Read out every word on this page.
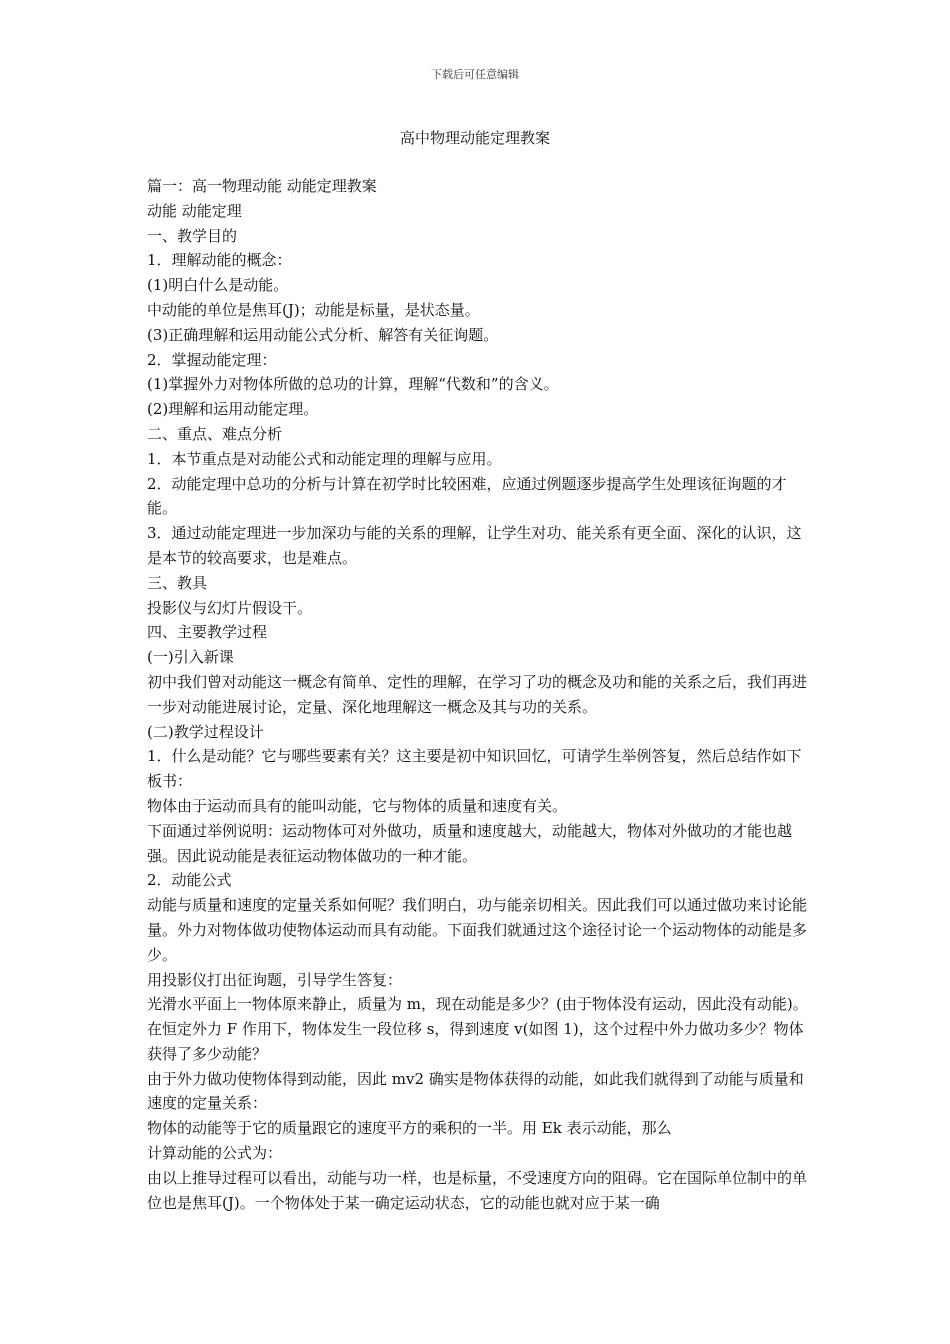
下载后可任意编辑
高中物理动能定理教案

篇一：高一物理动能 动能定理教案

动能 动能定理

一、教学目的

1．理解动能的概念：

(1)明白什么是动能。

中动能的单位是焦耳(J)；动能是标量，是状态量。

(3)正确理解和运用动能公式分析、解答有关征询题。

2．掌握动能定理：

(1)掌握外力对物体所做的总功的计算，理解“代数和”的含义。

(2)理解和运用动能定理。

二、重点、难点分析

1．本节重点是对动能公式和动能定理的理解与应用。

2．动能定理中总功的分析与计算在初学时比较困难，应通过例题逐步提高学生处理该征询题的才能。

3．通过动能定理进一步加深功与能的关系的理解，让学生对功、能关系有更全面、深化的认识，这是本节的较高要求，也是难点。

三、教具

投影仪与幻灯片假设干。

四、主要教学过程

(一)引入新课

初中我们曾对动能这一概念有简单、定性的理解，在学习了功的概念及功和能的关系之后，我们再进一步对动能进展讨论，定量、深化地理解这一概念及其与功的关系。

(二)教学过程设计

1．什么是动能？它与哪些要素有关？这主要是初中知识回忆，可请学生举例答复，然后总结作如下板书：

物体由于运动而具有的能叫动能，它与物体的质量和速度有关。

下面通过举例说明：运动物体可对外做功，质量和速度越大，动能越大，物体对外做功的才能也越强。因此说动能是表征运动物体做功的一种才能。

2．动能公式

动能与质量和速度的定量关系如何呢？我们明白，功与能亲切相关。因此我们可以通过做功来讨论能量。外力对物体做功使物体运动而具有动能。下面我们就通过这个途径讨论一个运动物体的动能是多少。

用投影仪打出征询题，引导学生答复：

光滑水平面上一物体原来静止，质量为 m，现在动能是多少？(由于物体没有运动，因此没有动能)。在恒定外力 F 作用下，物体发生一段位移 s，得到速度 v(如图 1)，这个过程中外力做功多少？物体获得了多少动能？

由于外力做功使物体得到动能，因此 mv2 确实是物体获得的动能，如此我们就得到了动能与质量和速度的定量关系：

物体的动能等于它的质量跟它的速度平方的乘积的一半。用 Ek 表示动能，那么

计算动能的公式为：

由以上推导过程可以看出，动能与功一样，也是标量，不受速度方向的阻碍。它在国际单位制中的单位也是焦耳(J)。一个物体处于某一确定运动状态，它的动能也就对应于某一确
